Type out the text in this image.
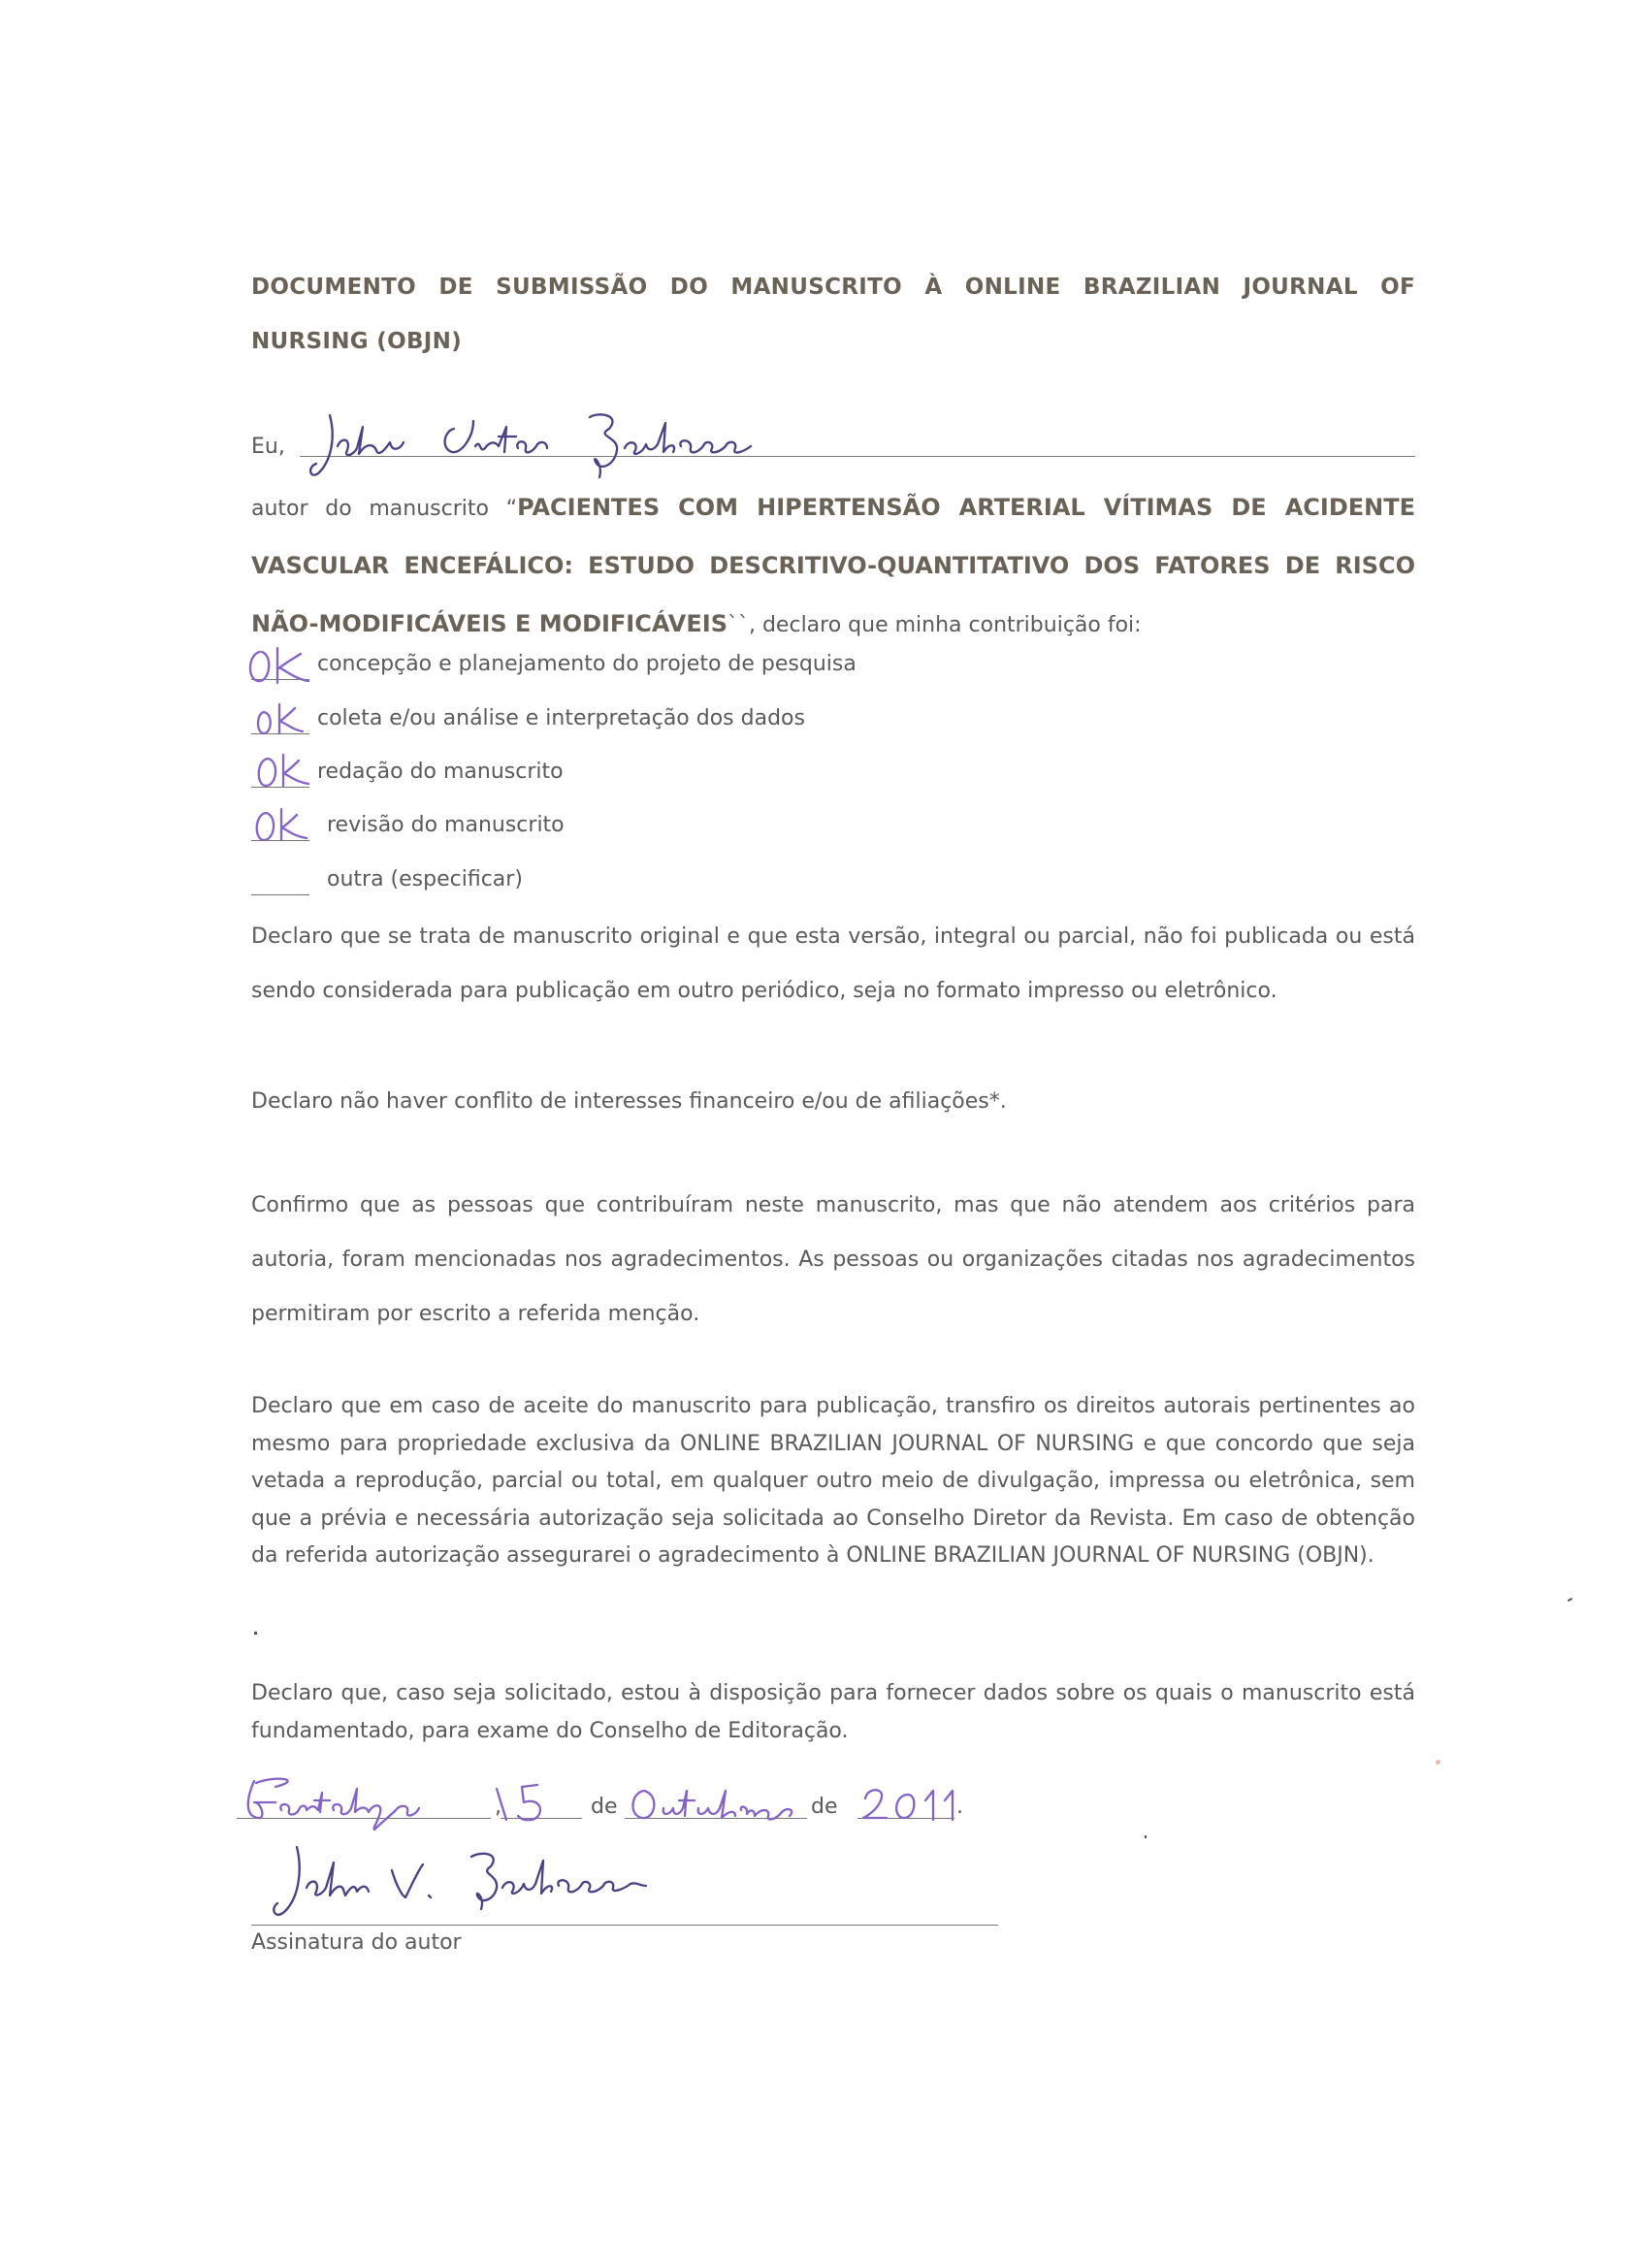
DOCUMENTO DE SUBMISSÃO DO MANUSCRITO À ONLINE BRAZILIAN JOURNAL OF
NURSING (OBJN)
Eu,
autor do manuscrito “PACIENTES COM HIPERTENSÃO ARTERIAL VÍTIMAS DE ACIDENTE VASCULAR ENCEFÁLICO: ESTUDO DESCRITIVO-QUANTITATIVO DOS FATORES DE RISCO NÃO-MODIFICÁVEIS E MODIFICÁVEIS``, declaro que minha contribuição foi:
concepção e planejamento do projeto de pesquisa
coleta e/ou análise e interpretação dos dados
redação do manuscrito
revisão do manuscrito
outra (especificar)
Declaro que se trata de manuscrito original e que esta versão, integral ou parcial, não foi publicada ou está sendo considerada para publicação em outro periódico, seja no formato impresso ou eletrônico.
Declaro não haver conflito de interesses financeiro e/ou de afiliações*.
Confirmo que as pessoas que contribuíram neste manuscrito, mas que não atendem aos critérios para autoria, foram mencionadas nos agradecimentos. As pessoas ou organizações citadas nos agradecimentos permitiram por escrito a referida menção.
Declaro que em caso de aceite do manuscrito para publicação, transfiro os direitos autorais pertinentes ao mesmo para propriedade exclusiva da ONLINE BRAZILIAN JOURNAL OF NURSING e que concordo que seja vetada a reprodução, parcial ou total, em qualquer outro meio de divulgação, impressa ou eletrônica, sem que a prévia e necessária autorização seja solicitada ao Conselho Diretor da Revista. Em caso de obtenção da referida autorização assegurarei o agradecimento à ONLINE BRAZILIAN JOURNAL OF NURSING (OBJN).
Declaro que, caso seja solicitado, estou à disposição para fornecer dados sobre os quais o manuscrito está fundamentado, para exame do Conselho de Editoração.
,	de	de	.
Assinatura do autor
